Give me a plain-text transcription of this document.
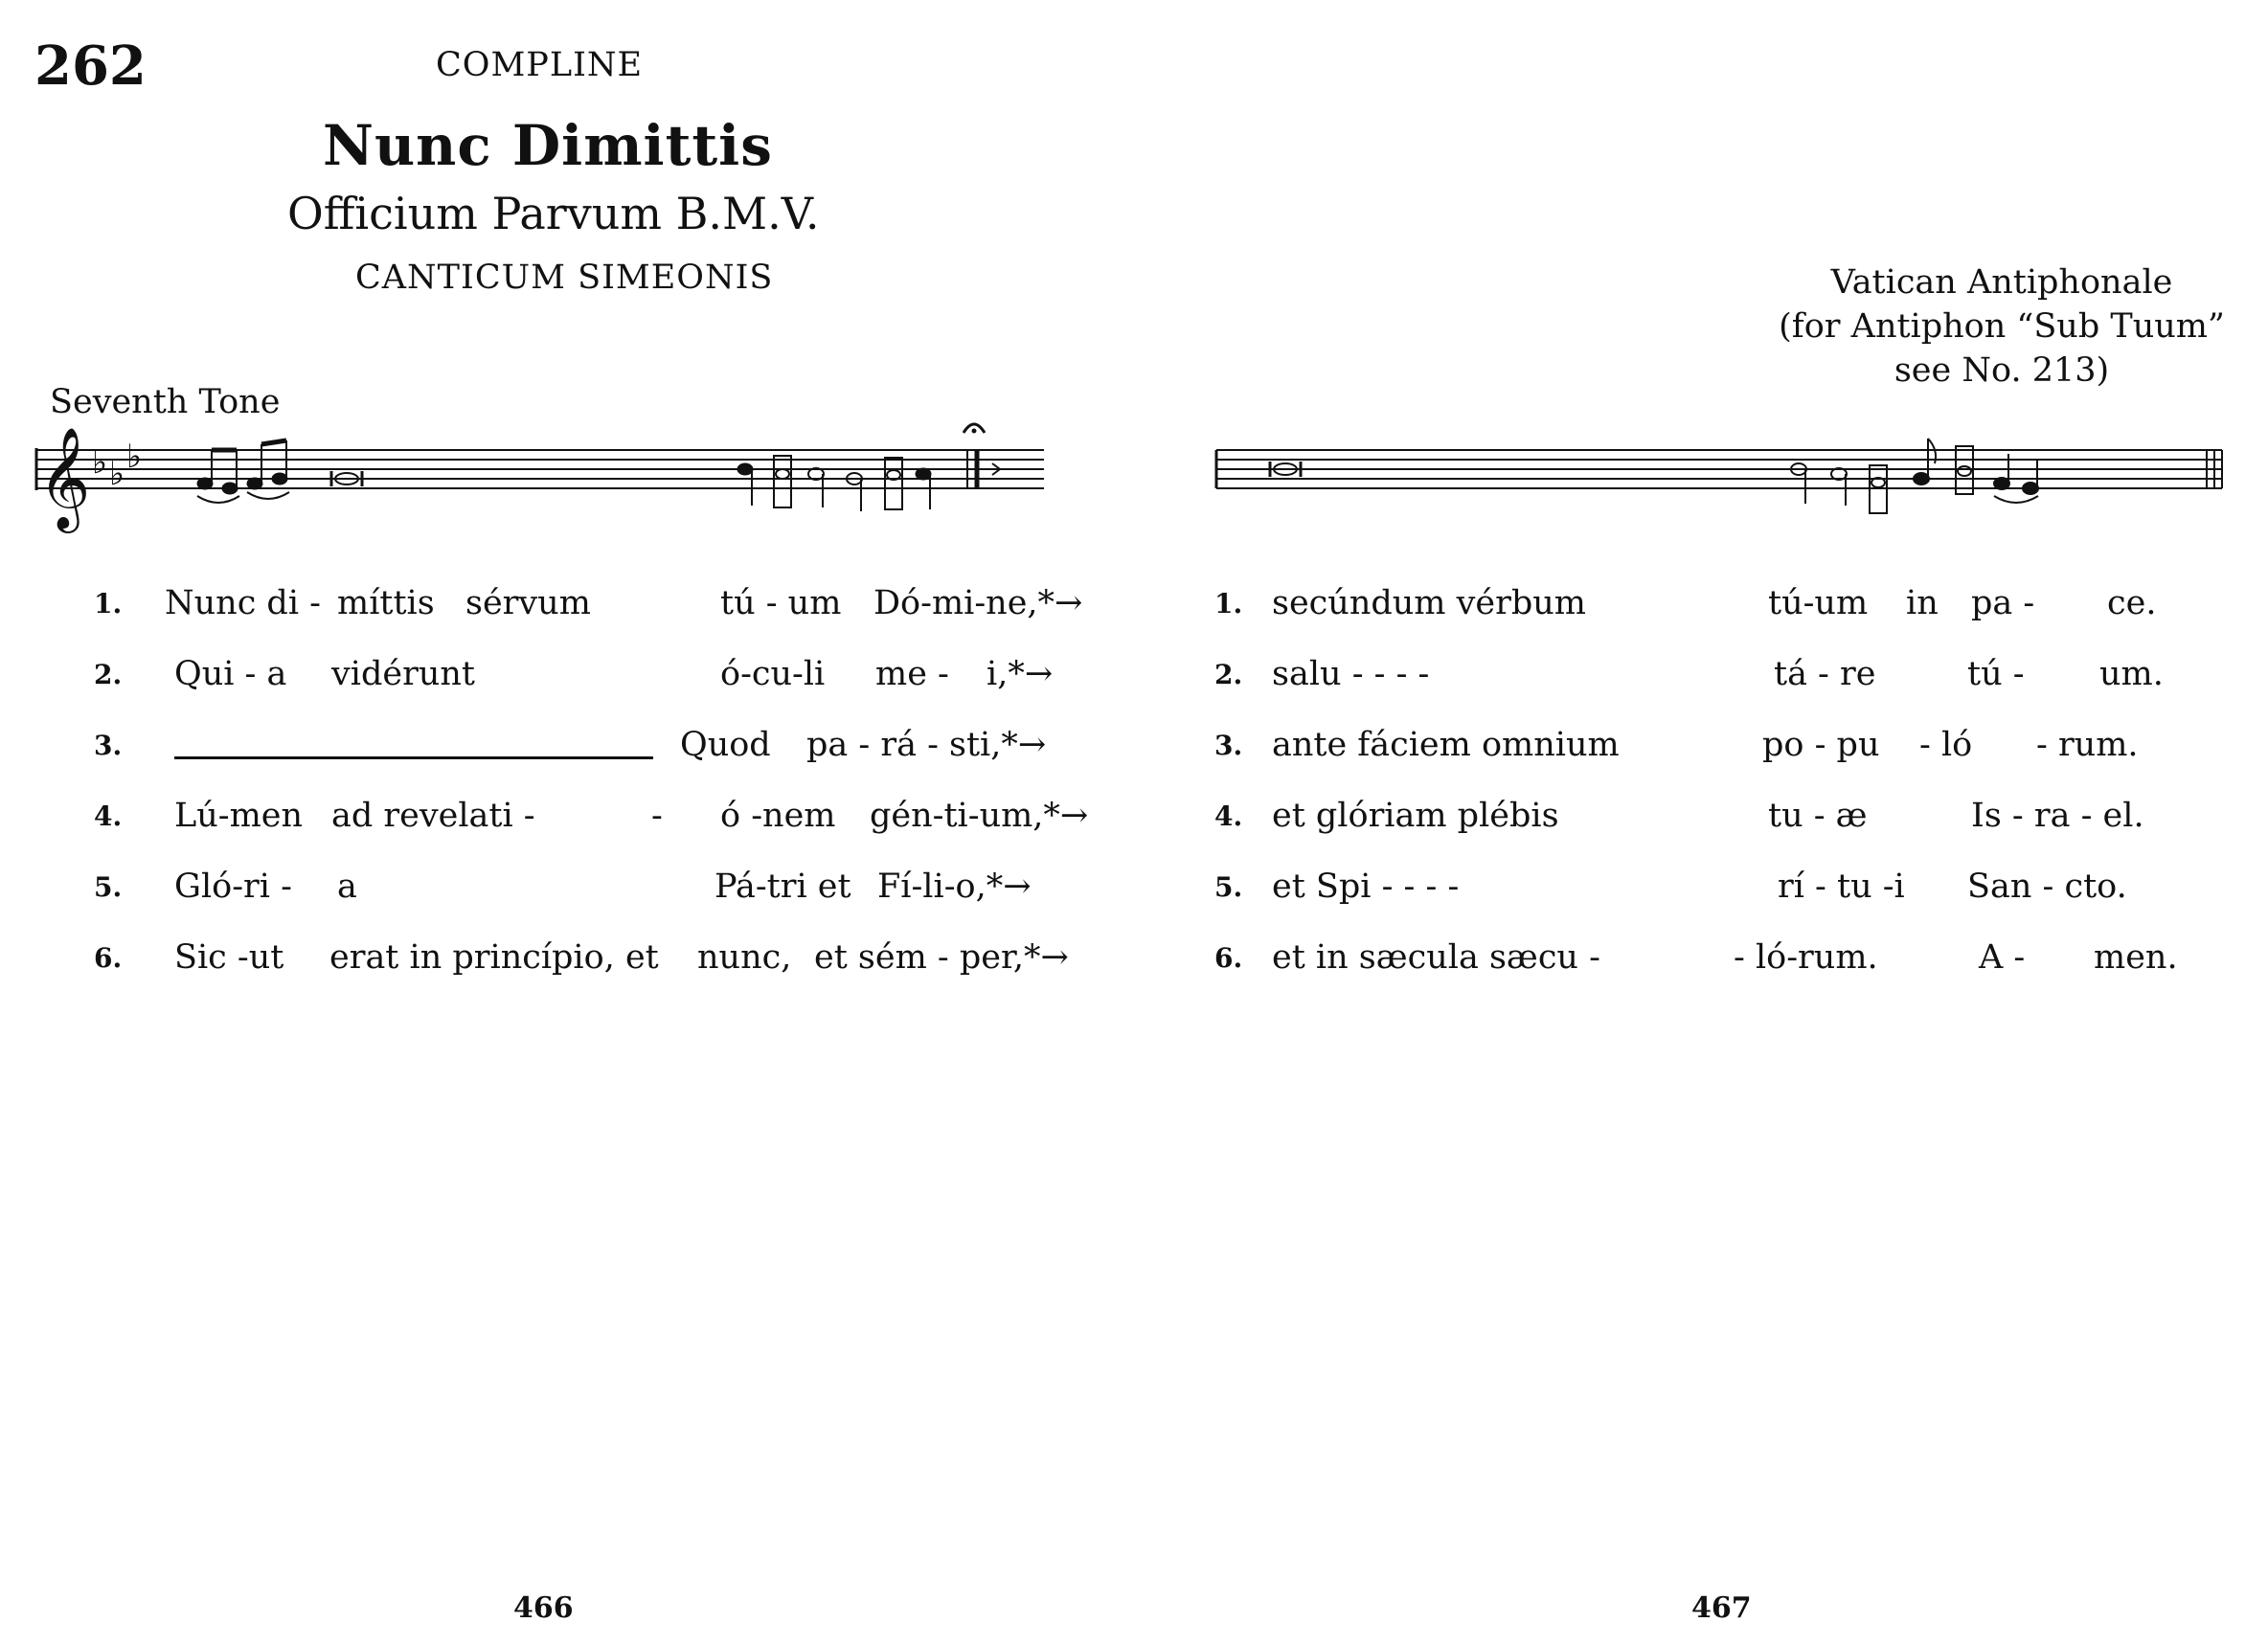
262	COMPLINE
Nunc Dimittis
Officium Parvum B.M.V.
CANTICUM SIMEONIS	Vatican Antiphonale
(for Antiphon “Sub Tuum”
see No. 213)
Seventh Tone
𝄞 ♭ ♭ ♭
1. Nunc di - míttis sérvum	tú - um Dó-mi-ne,*→	1. secúndum vérbum	tú-um in pa - ce.
2. Qui - a vidérunt	ó-cu-li me - i,*→	2. salu - - - -	tá - re	tú - um.
3.	Quod pa - rá - sti,*→	3. ante fáciem omnium	po - pu - ló - rum.
4. Lú-men ad revelati -	- ó -nem gén-ti-um,*→	4. et glóriam plébis	tu - æ	Is - ra - el.
5. Gló-ri - a	Pá-tri et Fí-li-o,*→	5. et Spi - - - -	rí - tu -i San - cto.
6. Sic -ut erat in princípio, et nunc, et sém - per,*→	6. et in sæcula sæcu -	- ló-rum.	A - men.
466	467
